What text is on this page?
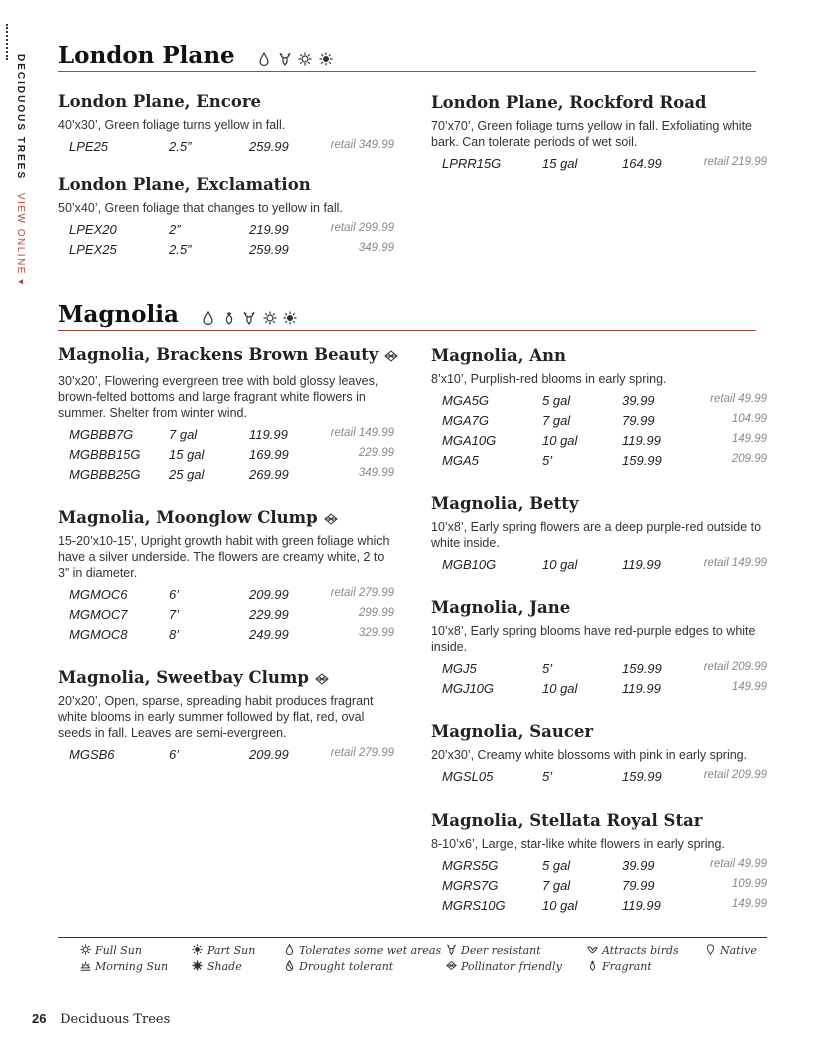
DECIDUOUS TREES VIEW ONLINE ▾
London Plane
London Plane, Encore

40’x30’, Green foliage turns yellow in fall.

LPE25	2.5”	259.99	retail 349.99
London Plane, Exclamation

50’x40’, Green foliage that changes to yellow in fall.

LPEX20	2”	219.99	retail 299.99
LPEX25	2.5”	259.99	349.99
London Plane, Rockford Road

70’x70’, Green foliage turns yellow in fall. Exfoliating white bark. Can tolerate periods of wet soil.

LPRR15G	15 gal	164.99	retail 219.99
Magnolia
Magnolia, Brackens Brown Beauty

30’x20’, Flowering evergreen tree with bold glossy leaves, brown-felted bottoms and large fragrant white flowers in summer. Shelter from winter wind.

MGBBB7G	7 gal	119.99	retail 149.99
MGBBB15G 15 gal	169.99	229.99
MGBBB25G 25 gal	269.99	349.99
Magnolia, Moonglow Clump

15-20’x10-15’, Upright growth habit with green foliage which have a silver underside. The flowers are creamy white, 2 to 3” in diameter.

MGMOC6	6’	209.99	retail 279.99
MGMOC7	7’	229.99	299.99
MGMOC8	8’	249.99	329.99
Magnolia, Sweetbay Clump

20’x20’, Open, sparse, spreading habit produces fragrant white blooms in early summer followed by flat, red, oval seeds in fall. Leaves are semi-evergreen.

MGSB6	6’	209.99	retail 279.99
Magnolia, Ann

8’x10’, Purplish-red blooms in early spring.

MGA5G	5 gal	39.99	retail 49.99
MGA7G	7 gal	79.99	104.99
MGA10G	10 gal	119.99	149.99
MGA5	5’	159.99	209.99
Magnolia, Betty

10’x8’, Early spring flowers are a deep purple-red outside to white inside.

MGB10G	10 gal	119.99	retail 149.99
Magnolia, Jane

10’x8’, Early spring blooms have red-purple edges to white inside.

MGJ5	5’	159.99	retail 209.99
MGJ10G	10 gal	119.99	149.99
Magnolia, Saucer

20’x30’, Creamy white blossoms with pink in early spring.

MGSL05	5’	159.99	retail 209.99
Magnolia, Stellata Royal Star

8-10’x6’, Large, star-like white flowers in early spring.

MGRS5G	5 gal	39.99	retail 49.99
MGRS7G	7 gal	79.99	109.99
MGRS10G	10 gal	119.99	149.99
Full Sun
Morning Sun
Part Sun
Shade
Tolerates some wet areas
Drought tolerant
Deer resistant
Pollinator friendly
Attracts birds
Fragrant
Native
26 Deciduous Trees
